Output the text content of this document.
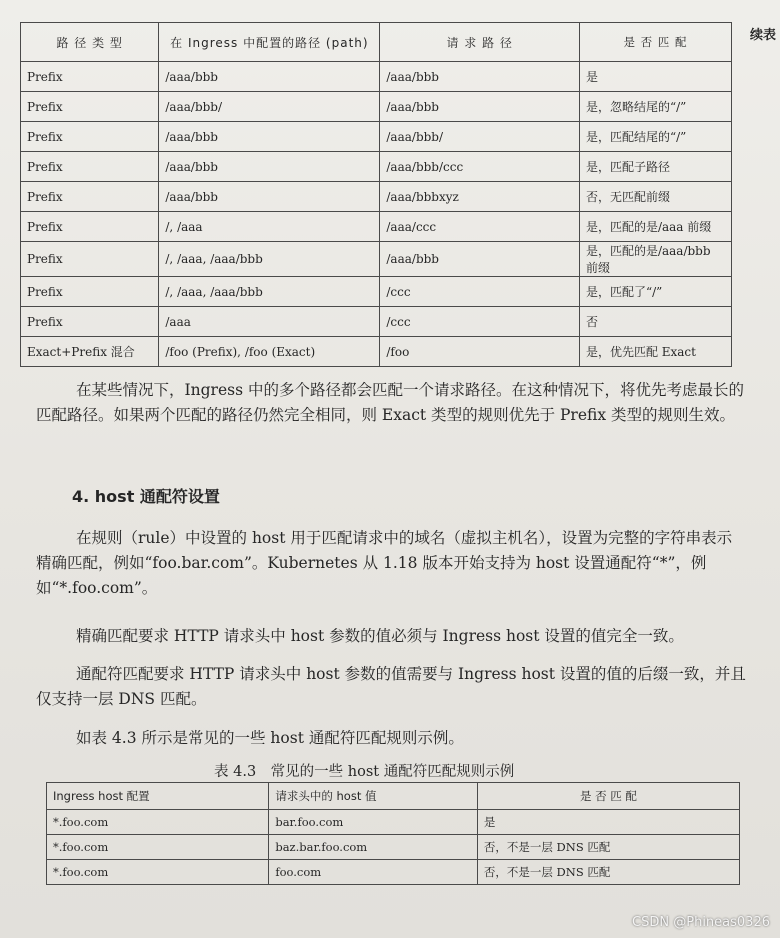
续表
路 径 类 型	在 Ingress 中配置的路径 (path)	请 求 路 径	是 否 匹 配
Prefix	/aaa/bbb	/aaa/bbb	是
Prefix	/aaa/bbb/	/aaa/bbb	是，忽略结尾的“/”
Prefix	/aaa/bbb	/aaa/bbb/	是，匹配结尾的“/”
Prefix	/aaa/bbb	/aaa/bbb/ccc	是，匹配子路径
Prefix	/aaa/bbb	/aaa/bbbxyz	否，无匹配前缀
Prefix	/, /aaa	/aaa/ccc	是，匹配的是/aaa 前缀
Prefix	/, /aaa, /aaa/bbb	/aaa/bbb	是，匹配的是/aaa/bbb 前缀
Prefix	/, /aaa, /aaa/bbb	/ccc	是，匹配了“/”
Prefix	/aaa	/ccc	否
Exact+Prefix 混合	/foo (Prefix), /foo (Exact)	/foo	是，优先匹配 Exact

在某些情况下，Ingress 中的多个路径都会匹配一个请求路径。在这种情况下，将优先考虑最长的匹配路径。如果两个匹配的路径仍然完全相同，则 Exact 类型的规则优先于 Prefix 类型的规则生效。

4. host 通配符设置

在规则（rule）中设置的 host 用于匹配请求中的域名（虚拟主机名），设置为完整的字符串表示精确匹配，例如“foo.bar.com”。Kubernetes 从 1.18 版本开始支持为 host 设置通配符“*”，例如“*.foo.com”。

精确匹配要求 HTTP 请求头中 host 参数的值必须与 Ingress host 设置的值完全一致。

通配符匹配要求 HTTP 请求头中 host 参数的值需要与 Ingress host 设置的值的后缀一致，并且仅支持一层 DNS 匹配。

如表 4.3 所示是常见的一些 host 通配符匹配规则示例。

表 4.3　常见的一些 host 通配符匹配规则示例

Ingress host 配置	请求头中的 host 值	是 否 匹 配
*.foo.com	bar.foo.com	是
*.foo.com	baz.bar.foo.com	否，不是一层 DNS 匹配
*.foo.com	foo.com	否，不是一层 DNS 匹配
CSDN @Phineas0326
